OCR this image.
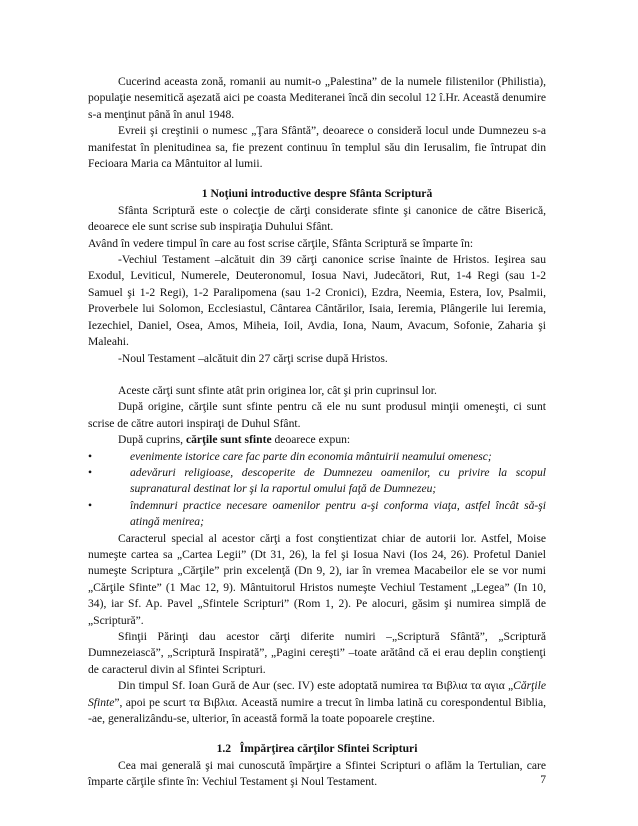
Cucerind aceasta zonă, romanii au numit-o „Palestina” de la numele filistenilor (Philistia), populaţie nesemitică aşezată aici pe coasta Mediteranei încă din secolul 12 î.Hr. Această denumire s-a menţinut până în anul 1948.

Evreii şi creştinii o numesc „Ţara Sfântă”, deoarece o consideră locul unde Dumnezeu s-a manifestat în plenitudinea sa, fie prezent continuu în templul său din Ierusalim, fie întrupat din Fecioara Maria ca Mântuitor al lumii.

1 Noţiuni introductive despre Sfânta Scriptură

Sfânta Scriptură este o colecţie de cărţi considerate sfinte şi canonice de către Biserică, deoarece ele sunt scrise sub inspiraţia Duhului Sfânt.

Având în vedere timpul în care au fost scrise cărţile, Sfânta Scriptură se împarte în:

-Vechiul Testament –alcătuit din 39 cărţi canonice scrise înainte de Hristos. Ieşirea sau Exodul, Leviticul, Numerele, Deuteronomul, Iosua Navi, Judecători, Rut, 1-4 Regi (sau 1-2 Samuel şi 1-2 Regi), 1-2 Paralipomena (sau 1-2 Cronici), Ezdra, Neemia, Estera, Iov, Psalmii, Proverbele lui Solomon, Ecclesiastul, Cântarea Cântărilor, Isaia, Ieremia, Plângerile lui Ieremia, Iezechiel, Daniel, Osea, Amos, Miheia, Ioil, Avdia, Iona, Naum, Avacum, Sofonie, Zaharia şi Maleahi.

-Noul Testament –alcătuit din 27 cărţi scrise după Hristos.

Aceste cărţi sunt sfinte atât prin originea lor, cât şi prin cuprinsul lor.

După origine, cărţile sunt sfinte pentru că ele nu sunt produsul minţii omeneşti, ci sunt scrise de către autori inspiraţi de Duhul Sfânt.

După cuprins, cărţile sunt sfinte deoarece expun:

•	evenimente istorice care fac parte din economia mântuirii neamului omenesc;

•	adevăruri religioase, descoperite de Dumnezeu oamenilor, cu privire la scopul supranatural destinat lor şi la raportul omului faţă de Dumnezeu;

•	îndemnuri practice necesare oamenilor pentru a-şi conforma viaţa, astfel încât să-şi atingă menirea;

Caracterul special al acestor cărţi a fost conştientizat chiar de autorii lor. Astfel, Moise numeşte cartea sa „Cartea Legii” (Dt 31, 26), la fel şi Iosua Navi (Ios 24, 26). Profetul Daniel numeşte Scriptura „Cărţile” prin excelenţă (Dn 9, 2), iar în vremea Macabeilor ele se vor numi „Cărţile Sfinte” (1 Mac 12, 9). Mântuitorul Hristos numeşte Vechiul Testament „Legea” (In 10, 34), iar Sf. Ap. Pavel „Sfintele Scripturi” (Rom 1, 2). Pe alocuri, găsim şi numirea simplă de „Scriptură”.

Sfinţii Părinţi dau acestor cărţi diferite numiri –„Scriptură Sfântă”, „Scriptură Dumnezeiască”, „Scriptură Inspirată”, „Pagini cereşti” –toate arătând că ei erau deplin conştienţi de caracterul divin al Sfintei Scripturi.

Din timpul Sf. Ioan Gură de Aur (sec. IV) este adoptată numirea τα Βιβλια τα αγια „Cărţile Sfinte”, apoi pe scurt τα Βιβλια. Această numire a trecut în limba latină cu corespondentul Biblia, -ae, generalizându-se, ulterior, în această formă la toate popoarele creştine.

1.2 Împărţirea cărţilor Sfintei Scripturi

Cea mai generală şi mai cunoscută împărţire a Sfintei Scripturi o aflăm la Tertulian, care împarte cărţile sfinte în: Vechiul Testament şi Noul Testament.	7
